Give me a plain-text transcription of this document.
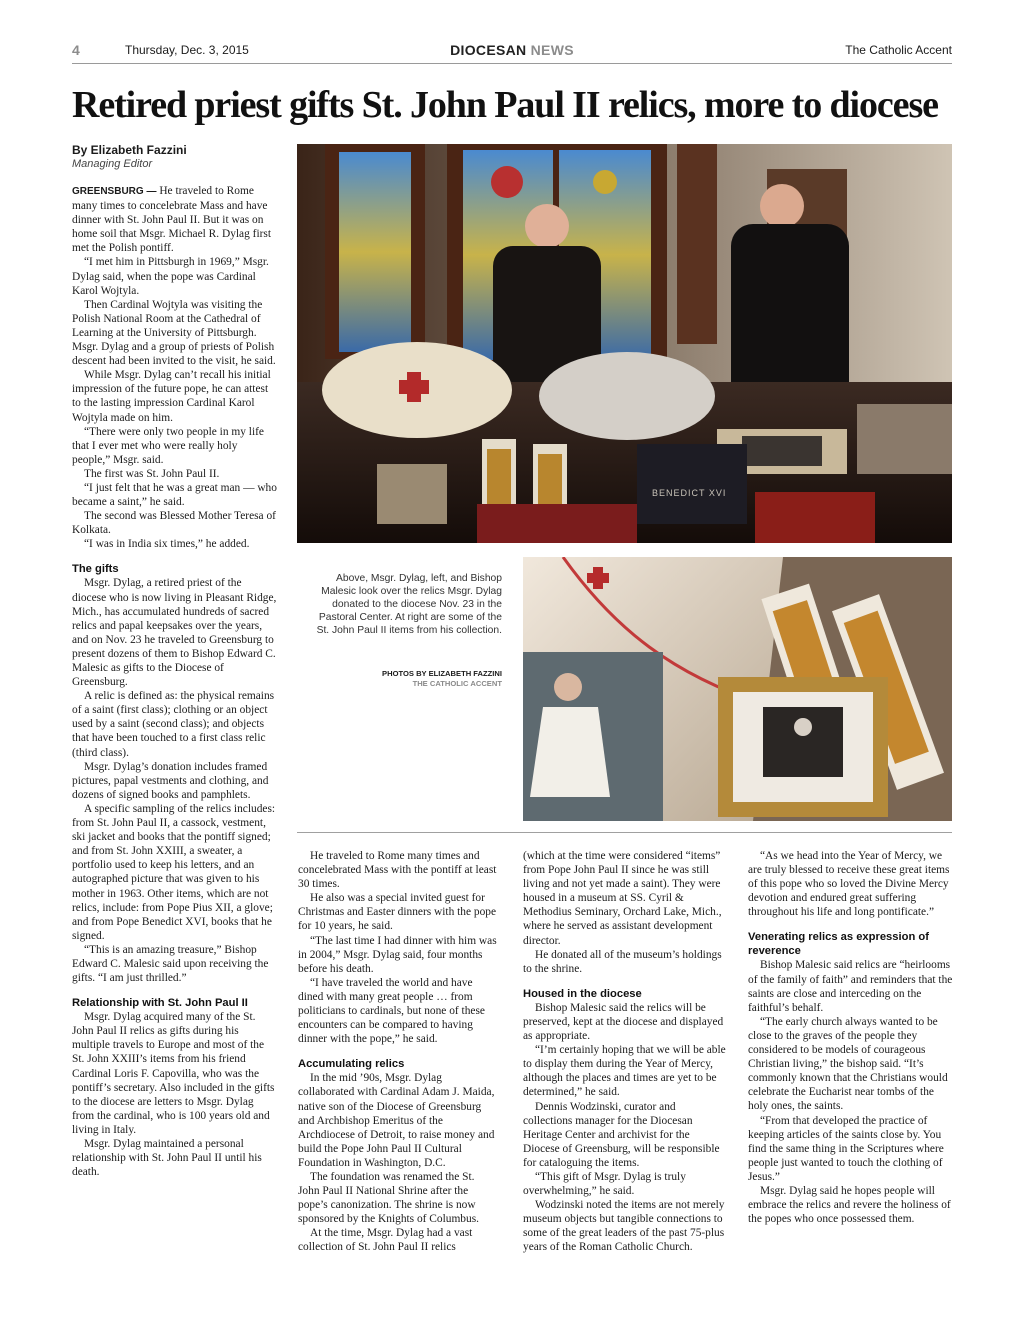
4	Thursday, Dec. 3, 2015	DIOCESAN NEWS	The Catholic Accent
Retired priest gifts St. John Paul II relics, more to diocese
By Elizabeth Fazzini
Managing Editor

GREENSBURG — He traveled to Rome many times to concelebrate Mass and have dinner with St. John Paul II. But it was on home soil that Msgr. Michael R. Dylag first met the Polish pontiff.

“I met him in Pittsburgh in 1969,” Msgr. Dylag said, when the pope was Cardinal Karol Wojtyla.

Then Cardinal Wojtyla was visiting the Polish National Room at the Cathedral of Learning at the University of Pittsburgh. Msgr. Dylag and a group of priests of Polish descent had been invited to the visit, he said.

While Msgr. Dylag can’t recall his initial impression of the future pope, he can attest to the lasting impression Cardinal Karol Wojtyla made on him.

“There were only two people in my life that I ever met who were really holy people,” Msgr. said.

The first was St. John Paul II.

“I just felt that he was a great man — who became a saint,” he said.

The second was Blessed Mother Teresa of Kolkata.

“I was in India six times,” he added.

The gifts

Msgr. Dylag, a retired priest of the diocese who is now living in Pleasant Ridge, Mich., has accumulated hundreds of sacred relics and papal keepsakes over the years, and on Nov. 23 he traveled to Greensburg to present dozens of them to Bishop Edward C. Malesic as gifts to the Diocese of Greensburg.

A relic is defined as: the physical remains of a saint (first class); clothing or an object used by a saint (second class); and objects that have been touched to a first class relic (third class).

Msgr. Dylag’s donation includes framed pictures, papal vestments and clothing, and dozens of signed books and pamphlets.

A specific sampling of the relics includes: from St. John Paul II, a cassock, vestment, ski jacket and books that the pontiff signed; and from St. John XXIII, a sweater, a portfolio used to keep his letters, and an autographed picture that was given to his mother in 1963. Other items, which are not relics, include: from Pope Pius XII, a glove; and from Pope Benedict XVI, books that he signed.

“This is an amazing treasure,” Bishop Edward C. Malesic said upon receiving the gifts. “I am just thrilled.”

Relationship with St. John Paul II

Msgr. Dylag acquired many of the St. John Paul II relics as gifts during his multiple travels to Europe and most of the St. John XXIII’s items from his friend Cardinal Loris F. Capovilla, who was the pontiff’s secretary. Also included in the gifts to the diocese are letters to Msgr. Dylag from the cardinal, who is 100 years old and living in Italy.

Msgr. Dylag maintained a personal relationship with St. John Paul II until his death.

BENEDICT XVI
Above, Msgr. Dylag, left, and Bishop Malesic look over the relics Msgr. Dylag donated to the diocese Nov. 23 in the Pastoral Center. At right are some of the St. John Paul II items from his collection.
PHOTOS BY ELIZABETH FAZZINI
THE CATHOLIC ACCENT

He traveled to Rome many times and concelebrated Mass with the pontiff at least 30 times.

He also was a special invited guest for Christmas and Easter dinners with the pope for 10 years, he said.

“The last time I had dinner with him was in 2004,” Msgr. Dylag said, four months before his death.

“I have traveled the world and have dined with many great people … from politicians to cardinals, but none of these encounters can be compared to having dinner with the pope,” he said.

Accumulating relics

In the mid ’90s, Msgr. Dylag collaborated with Cardinal Adam J. Maida, native son of the Diocese of Greensburg and Archbishop Emeritus of the Archdiocese of Detroit, to raise money and build the Pope John Paul II Cultural Foundation in Washington, D.C.

The foundation was renamed the St. John Paul II National Shrine after the pope’s canonization. The shrine is now sponsored by the Knights of Columbus.

At the time, Msgr. Dylag had a vast collection of St. John Paul II relics

(which at the time were considered “items” from Pope John Paul II since he was still living and not yet made a saint). They were housed in a museum at SS. Cyril & Methodius Seminary, Orchard Lake, Mich., where he served as assistant development director.

He donated all of the museum’s holdings to the shrine.

Housed in the diocese

Bishop Malesic said the relics will be preserved, kept at the diocese and displayed as appropriate.

“I’m certainly hoping that we will be able to display them during the Year of Mercy, although the places and times are yet to be determined,” he said.

Dennis Wodzinski, curator and collections manager for the Diocesan Heritage Center and archivist for the Diocese of Greensburg, will be responsible for cataloguing the items.

“This gift of Msgr. Dylag is truly overwhelming,” he said.

Wodzinski noted the items are not merely museum objects but tangible connections to some of the great leaders of the past 75-plus years of the Roman Catholic Church.

“As we head into the Year of Mercy, we are truly blessed to receive these great items of this pope who so loved the Divine Mercy devotion and endured great suffering throughout his life and long pontificate.”

Venerating relics as expression of reverence

Bishop Malesic said relics are “heirlooms of the family of faith” and reminders that the saints are close and interceding on the faithful’s behalf.

“The early church always wanted to be close to the graves of the people they considered to be models of courageous Christian living,” the bishop said. “It’s commonly known that the Christians would celebrate the Eucharist near tombs of the holy ones, the saints.

“From that developed the practice of keeping articles of the saints close by. You find the same thing in the Scriptures where people just wanted to touch the clothing of Jesus.”

Msgr. Dylag said he hopes people will embrace the relics and revere the holiness of the popes who once possessed them.
